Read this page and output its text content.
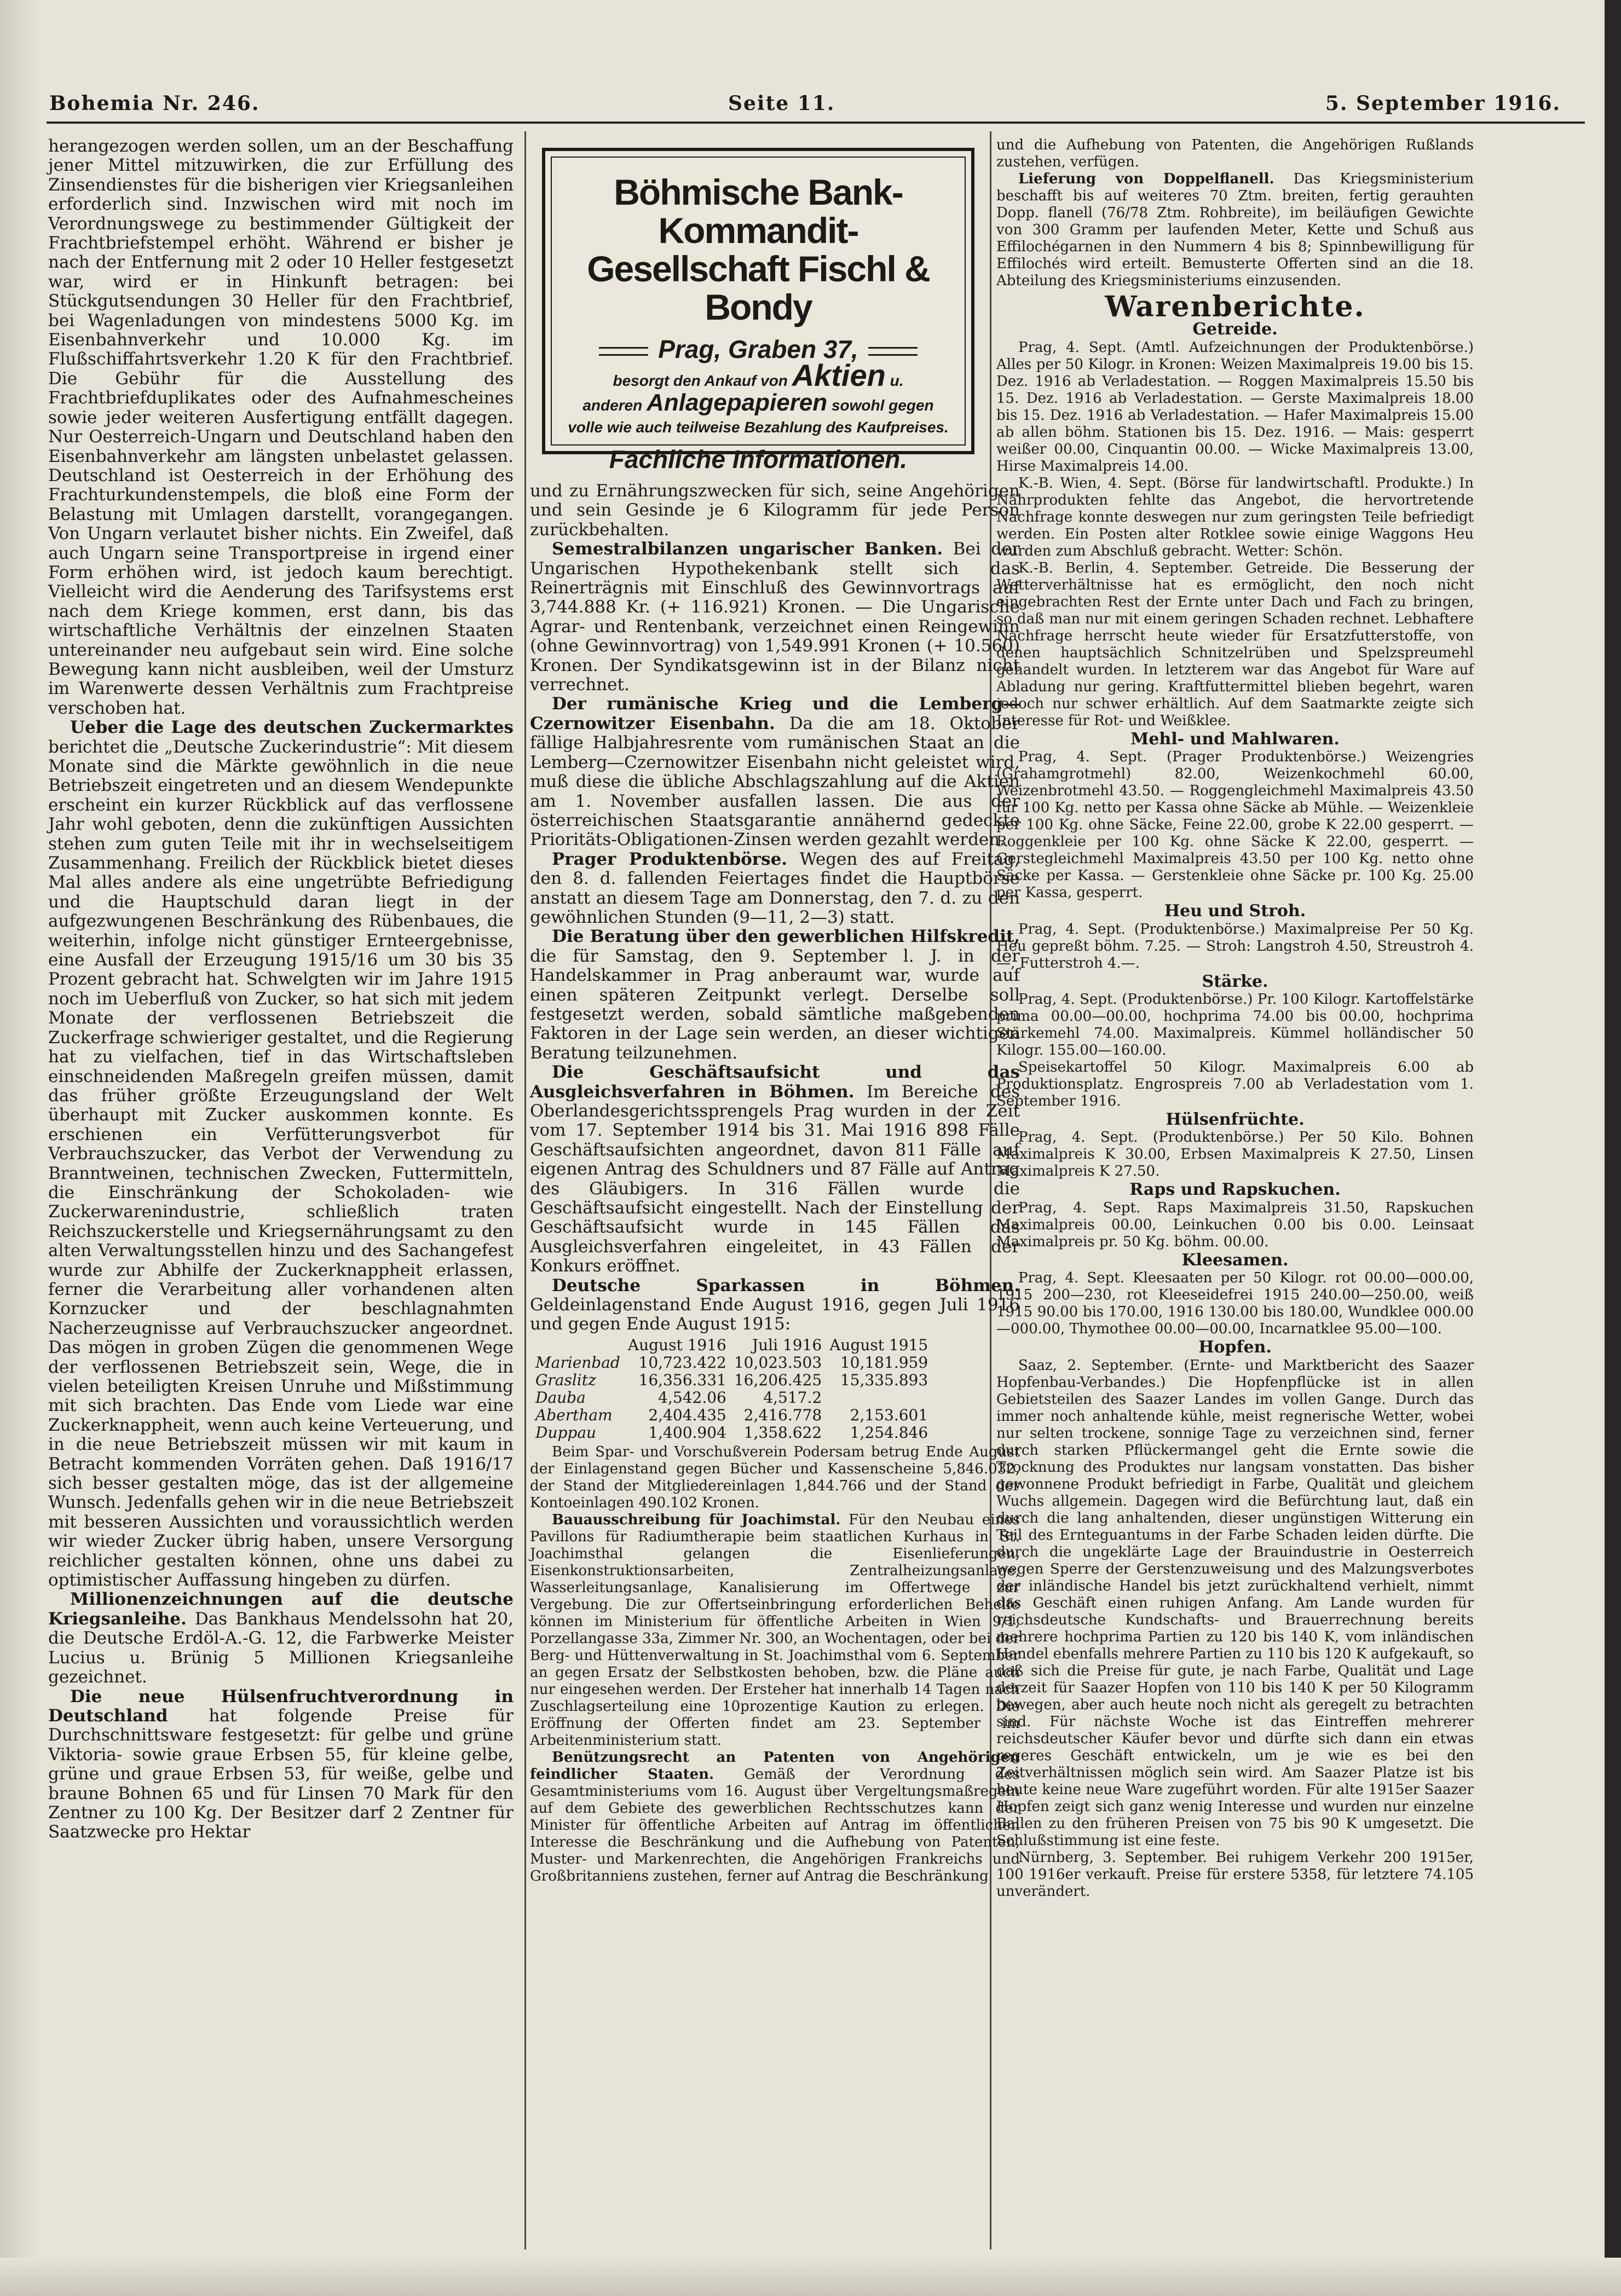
Bohemia Nr. 246.	Seite 11.	5. September 1916.

herangezogen werden sollen, um an der Beschaffung jener Mittel mitzuwirken, die zur Erfüllung des Zinsendienstes für die bisherigen vier Kriegsanleihen erforderlich sind. Inzwischen wird mit noch im Verordnungswege zu bestimmender Gültigkeit der Frachtbriefstempel erhöht. Während er bisher je nach der Entfernung mit 2 oder 10 Heller festgesetzt war, wird er in Hinkunft betragen: bei Stückgutsendungen 30 Heller für den Frachtbrief, bei Wagenladungen von mindestens 5000 Kg. im Eisenbahnverkehr und 10.000 Kg. im Flußschiffahrtsverkehr 1.20 K für den Frachtbrief. Die Gebühr für die Ausstellung des Frachtbriefduplikates oder des Aufnahmescheines sowie jeder weiteren Ausfertigung entfällt dagegen. Nur Oesterreich-Ungarn und Deutschland haben den Eisenbahnverkehr am längsten unbelastet gelassen. Deutschland ist Oesterreich in der Erhöhung des Frachturkundenstempels, die bloß eine Form der Belastung mit Umlagen darstellt, vorangegangen. Von Ungarn verlautet bisher nichts. Ein Zweifel, daß auch Ungarn seine Transportpreise in irgend einer Form erhöhen wird, ist jedoch kaum berechtigt. Vielleicht wird die Aenderung des Tarifsystems erst nach dem Kriege kommen, erst dann, bis das wirtschaftliche Verhältnis der einzelnen Staaten untereinander neu aufgebaut sein wird. Eine solche Bewegung kann nicht ausbleiben, weil der Umsturz im Warenwerte dessen Verhältnis zum Frachtpreise verschoben hat.

Ueber die Lage des deutschen Zuckermarktes berichtet die „Deutsche Zuckerindustrie“: Mit diesem Monate sind die Märkte gewöhnlich in die neue Betriebszeit eingetreten und an diesem Wendepunkte erscheint ein kurzer Rückblick auf das verflossene Jahr wohl geboten, denn die zukünftigen Aussichten stehen zum guten Teile mit ihr in wechselseitigem Zusammenhang. Freilich der Rückblick bietet dieses Mal alles andere als eine ungetrübte Befriedigung und die Hauptschuld daran liegt in der aufgezwungenen Beschränkung des Rübenbaues, die weiterhin, infolge nicht günstiger Ernteergebnisse, eine Ausfall der Erzeugung 1915/16 um 30 bis 35 Prozent gebracht hat. Schwelgten wir im Jahre 1915 noch im Ueberfluß von Zucker, so hat sich mit jedem Monate der verflossenen Betriebszeit die Zuckerfrage schwieriger gestaltet, und die Regierung hat zu vielfachen, tief in das Wirtschaftsleben einschneidenden Maßregeln greifen müssen, damit das früher größte Erzeugungsland der Welt überhaupt mit Zucker auskommen konnte. Es erschienen ein Verfütterungsverbot für Verbrauchszucker, das Verbot der Verwendung zu Branntweinen, technischen Zwecken, Futtermitteln, die Einschränkung der Schokoladen- wie Zuckerwarenindustrie, schließlich traten Reichszuckerstelle und Kriegsernährungsamt zu den alten Verwaltungsstellen hinzu und des Sachangefest wurde zur Abhilfe der Zuckerknappheit erlassen, ferner die Verarbeitung aller vorhandenen alten Kornzucker und der beschlagnahmten Nacherzeugnisse auf Verbrauchszucker angeordnet. Das mögen in groben Zügen die genommenen Wege der verflossenen Betriebszeit sein, Wege, die in vielen beteiligten Kreisen Unruhe und Mißstimmung mit sich brachten. Das Ende vom Liede war eine Zuckerknappheit, wenn auch keine Verteuerung, und in die neue Betriebszeit müssen wir mit kaum in Betracht kommenden Vorräten gehen. Daß 1916/17 sich besser gestalten möge, das ist der allgemeine Wunsch. Jedenfalls gehen wir in die neue Betriebszeit mit besseren Aussichten und voraussichtlich werden wir wieder Zucker übrig haben, unsere Versorgung reichlicher gestalten können, ohne uns dabei zu optimistischer Auffassung hingeben zu dürfen.

Millionenzeichnungen auf die deutsche Kriegsanleihe. Das Bankhaus Mendelssohn hat 20, die Deutsche Erdöl-A.-G. 12, die Farbwerke Meister Lucius u. Brünig 5 Millionen Kriegsanleihe gezeichnet.

Die neue Hülsenfruchtverordnung in Deutschland hat folgende Preise für Durchschnittsware festgesetzt: für gelbe und grüne Viktoria- sowie graue Erbsen 55, für kleine gelbe, grüne und graue Erbsen 53, für weiße, gelbe und braune Bohnen 65 und für Linsen 70 Mark für den Zentner zu 100 Kg. Der Besitzer darf 2 Zentner für Saatzwecke pro Hektar

Böhmische Bank-Kommandit-
Gesellschaft Fischl & Bondy
Prag, Graben 37,
besorgt den Ankauf von Aktien u.
anderen Anlagepapieren sowohl gegen
volle wie auch teilweise Bezahlung des Kaufpreises.
Fachliche Informationen.

und zu Ernährungszwecken für sich, seine Angehörigen und sein Gesinde je 6 Kilogramm für jede Person zurückbehalten.

Semestralbilanzen ungarischer Banken. Bei der Ungarischen Hypothekenbank stellt sich das Reinerträgnis mit Einschluß des Gewinnvortrags auf 3,744.888 Kr. (+ 116.921) Kronen. — Die Ungarische Agrar- und Rentenbank, verzeichnet einen Reingewinn (ohne Gewinnvortrag) von 1,549.991 Kronen (+ 10.560) Kronen. Der Syndikatsgewinn ist in der Bilanz nicht verrechnet.

Der rumänische Krieg und die Lemberg—Czernowitzer Eisenbahn. Da die am 18. Oktober fällige Halbjahresrente vom rumänischen Staat an die Lemberg—Czernowitzer Eisenbahn nicht geleistet wird, muß diese die übliche Abschlagszahlung auf die Aktien am 1. November ausfallen lassen. Die aus der österreichischen Staatsgarantie annähernd gedeckte Prioritäts-Obligationen-Zinsen werden gezahlt werden.

Prager Produktenbörse. Wegen des auf Freitag, den 8. d. fallenden Feiertages findet die Hauptbörse anstatt an diesem Tage am Donnerstag, den 7. d. zu den gewöhnlichen Stunden (9—11, 2—3) statt.

Die Beratung über den gewerblichen Hilfskredit, die für Samstag, den 9. September l. J. in der Handelskammer in Prag anberaumt war, wurde auf einen späteren Zeitpunkt verlegt. Derselbe soll festgesetzt werden, sobald sämtliche maßgebenden Faktoren in der Lage sein werden, an dieser wichtigen Beratung teilzunehmen.

Die Geschäftsaufsicht und das Ausgleichsverfahren in Böhmen. Im Bereiche des Oberlandesgerichtssprengels Prag wurden in der Zeit vom 17. September 1914 bis 31. Mai 1916 898 Fälle Geschäftsaufsichten angeordnet, davon 811 Fälle auf eigenen Antrag des Schuldners und 87 Fälle auf Antrag des Gläubigers. In 316 Fällen wurde die Geschäftsaufsicht eingestellt. Nach der Einstellung der Geschäftsaufsicht wurde in 145 Fällen das Ausgleichsverfahren eingeleitet, in 43 Fällen der Konkurs eröffnet.

Deutsche Sparkassen in Böhmen. Geldeinlagenstand Ende August 1916, gegen Juli 1916 und gegen Ende August 1915:

	August 1916	Juli 1916	August 1915
Marienbad	10,723.422	10,023.503	10,181.959
Graslitz	16,356.331	16,206.425	15,335.893
Dauba	4,542.06	4,517.2	
Abertham	2,404.435	2,416.778	2,153.601
Duppau	1,400.904	1,358.622	1,254.846

Beim Spar- und Vorschußverein Podersam betrug Ende August der Einlagenstand gegen Bücher und Kassenscheine 5,846.032, der Stand der Mitgliedereinlagen 1,844.766 und der Stand der Kontoeinlagen 490.102 Kronen.

Bauausschreibung für Joachimstal. Für den Neubau eines Pavillons für Radiumtherapie beim staatlichen Kurhaus in St. Joachimsthal gelangen die Eisenlieferungen, Eisenkonstruktionsarbeiten, Zentralheizungsanlage, Wasserleitungsanlage, Kanalisierung im Offertwege zur Vergebung. Die zur Offertseinbringung erforderlichen Behelfe können im Ministerium für öffentliche Arbeiten in Wien 9/1, Porzellangasse 33a, Zimmer Nr. 300, an Wochentagen, oder bei der Berg- und Hüttenverwaltung in St. Joachimsthal vom 6. September an gegen Ersatz der Selbstkosten behoben, bzw. die Pläne auch nur eingesehen werden. Der Ersteher hat innerhalb 14 Tagen nach Zuschlagserteilung eine 10prozentige Kaution zu erlegen. Die Eröffnung der Offerten findet am 23. September im Arbeitenministerium statt.

Benützungsrecht an Patenten von Angehörigen feindlicher Staaten. Gemäß der Verordnung des Gesamtministeriums vom 16. August über Vergeltungsmaßregeln auf dem Gebiete des gewerblichen Rechtsschutzes kann der Minister für öffentliche Arbeiten auf Antrag im öffentlichen Interesse die Beschränkung und die Aufhebung von Patenten, Muster- und Markenrechten, die Angehörigen Frankreichs und Großbritanniens zustehen, ferner auf Antrag die Beschränkung

und die Aufhebung von Patenten, die Angehörigen Rußlands zustehen, verfügen.

Lieferung von Doppelflanell. Das Kriegsministerium beschafft bis auf weiteres 70 Ztm. breiten, fertig gerauhten Dopp. flanell (76/78 Ztm. Rohbreite), im beiläufigen Gewichte von 300 Gramm per laufenden Meter, Kette und Schuß aus Effilochégarnen in den Nummern 4 bis 8; Spinnbewilligung für Effilochés wird erteilt. Bemusterte Offerten sind an die 18. Abteilung des Kriegsministeriums einzusenden.

Warenberichte.
Getreide.

Prag, 4. Sept. (Amtl. Aufzeichnungen der Produktenbörse.) Alles per 50 Kilogr. in Kronen: Weizen Maximalpreis 19.00 bis 15. Dez. 1916 ab Verladestation. — Roggen Maximalpreis 15.50 bis 15. Dez. 1916 ab Verladestation. — Gerste Maximalpreis 18.00 bis 15. Dez. 1916 ab Verladestation. — Hafer Maximalpreis 15.00 ab allen böhm. Stationen bis 15. Dez. 1916. — Mais: gesperrt weißer 00.00, Cinquantin 00.00. — Wicke Maximalpreis 13.00, Hirse Maximalpreis 14.00.

K.-B. Wien, 4. Sept. (Börse für landwirtschaftl. Produkte.) In Nährprodukten fehlte das Angebot, die hervortretende Nachfrage konnte deswegen nur zum geringsten Teile befriedigt werden. Ein Posten alter Rotklee sowie einige Waggons Heu wurden zum Abschluß gebracht. Wetter: Schön.

K.-B. Berlin, 4. September. Getreide. Die Besserung der Wetterverhältnisse hat es ermöglicht, den noch nicht eingebrachten Rest der Ernte unter Dach und Fach zu bringen, so daß man nur mit einem geringen Schaden rechnet. Lebhaftere Nachfrage herrscht heute wieder für Ersatzfutterstoffe, von denen hauptsächlich Schnitzelrüben und Spelzspreumehl gehandelt wurden. In letzterem war das Angebot für Ware auf Abladung nur gering. Kraftfuttermittel blieben begehrt, waren jedoch nur schwer erhältlich. Auf dem Saatmarkte zeigte sich Interesse für Rot- und Weißklee.

Mehl- und Mahlwaren.

Prag, 4. Sept. (Prager Produktenbörse.) Weizengries (Grahamgrotmehl) 82.00, Weizenkochmehl 60.00, Weizenbrotmehl 43.50. — Roggengleichmehl Maximalpreis 43.50 für 100 Kg. netto per Kassa ohne Säcke ab Mühle. — Weizenkleie per 100 Kg. ohne Säcke, Feine 22.00, grobe K 22.00 gesperrt. — Roggenkleie per 100 Kg. ohne Säcke K 22.00, gesperrt. — Gerstegleichmehl Maximalpreis 43.50 per 100 Kg. netto ohne Säcke per Kassa. — Gerstenkleie ohne Säcke pr. 100 Kg. 25.00 per Kassa, gesperrt.

Heu und Stroh.

Prag, 4. Sept. (Produktenbörse.) Maximalpreise Per 50 Kg. Heu gepreßt böhm. 7.25. — Stroh: Langstroh 4.50, Streustroh 4.—, Futterstroh 4.—.

Stärke.

Prag, 4. Sept. (Produktenbörse.) Pr. 100 Kilogr. Kartoffelstärke prima 00.00—00.00, hochprima 74.00 bis 00.00, hochprima Stärkemehl 74.00. Maximalpreis. Kümmel holländischer 50 Kilogr. 155.00—160.00.

Speisekartoffel 50 Kilogr. Maximalpreis 6.00 ab Produktionsplatz. Engrospreis 7.00 ab Verladestation vom 1. September 1916.

Hülsenfrüchte.

Prag, 4. Sept. (Produktenbörse.) Per 50 Kilo. Bohnen Maximalpreis K 30.00, Erbsen Maximalpreis K 27.50, Linsen Maximalpreis K 27.50.

Raps und Rapskuchen.

Prag, 4. Sept. Raps Maximalpreis 31.50, Rapskuchen Maximalpreis 00.00, Leinkuchen 0.00 bis 0.00. Leinsaat Maximalpreis pr. 50 Kg. böhm. 00.00.

Kleesamen.

Prag, 4. Sept. Kleesaaten per 50 Kilogr. rot 00.00—000.00, 1915 200—230, rot Kleeseidefrei 1915 240.00—250.00, weiß 1915 90.00 bis 170.00, 1916 130.00 bis 180.00, Wundklee 000.00—000.00, Thymothee 00.00—00.00, Incarnatklee 95.00—100.

Hopfen.

Saaz, 2. September. (Ernte- und Marktbericht des Saazer Hopfenbau-Verbandes.) Die Hopfenpflücke ist in allen Gebietsteilen des Saazer Landes im vollen Gange. Durch das immer noch anhaltende kühle, meist regnerische Wetter, wobei nur selten trockene, sonnige Tage zu verzeichnen sind, ferner durch starken Pflückermangel geht die Ernte sowie die Trocknung des Produktes nur langsam vonstatten. Das bisher gewonnene Produkt befriedigt in Farbe, Qualität und gleichem Wuchs allgemein. Dagegen wird die Befürchtung laut, daß ein durch die lang anhaltenden, dieser ungünstigen Witterung ein Teil des Ernteguantums in der Farbe Schaden leiden dürfte. Die durch die ungeklärte Lage der Brauindustrie in Oesterreich wegen Sperre der Gerstenzuweisung und des Malzungsverbotes der inländische Handel bis jetzt zurückhaltend verhielt, nimmt das Geschäft einen ruhigen Anfang. Am Lande wurden für reichsdeutsche Kundschafts- und Brauerrechnung bereits mehrere hochprima Partien zu 120 bis 140 K, vom inländischen Handel ebenfalls mehrere Partien zu 110 bis 120 K aufgekauft, so daß sich die Preise für gute, je nach Farbe, Qualität und Lage derzeit für Saazer Hopfen von 110 bis 140 K per 50 Kilogramm bewegen, aber auch heute noch nicht als geregelt zu betrachten sind. Für nächste Woche ist das Eintreffen mehrerer reichsdeutscher Käufer bevor und dürfte sich dann ein etwas regeres Geschäft entwickeln, um je wie es bei den Zeitverhältnissen möglich sein wird. Am Saazer Platze ist bis heute keine neue Ware zugeführt worden. Für alte 1915er Saazer Hopfen zeigt sich ganz wenig Interesse und wurden nur einzelne Ballen zu den früheren Preisen von 75 bis 90 K umgesetzt. Die Schlußstimmung ist eine feste.

Nürnberg, 3. September. Bei ruhigem Verkehr 200 1915er, 100 1916er verkauft. Preise für erstere 5358, für letztere 74.105 unverändert.
